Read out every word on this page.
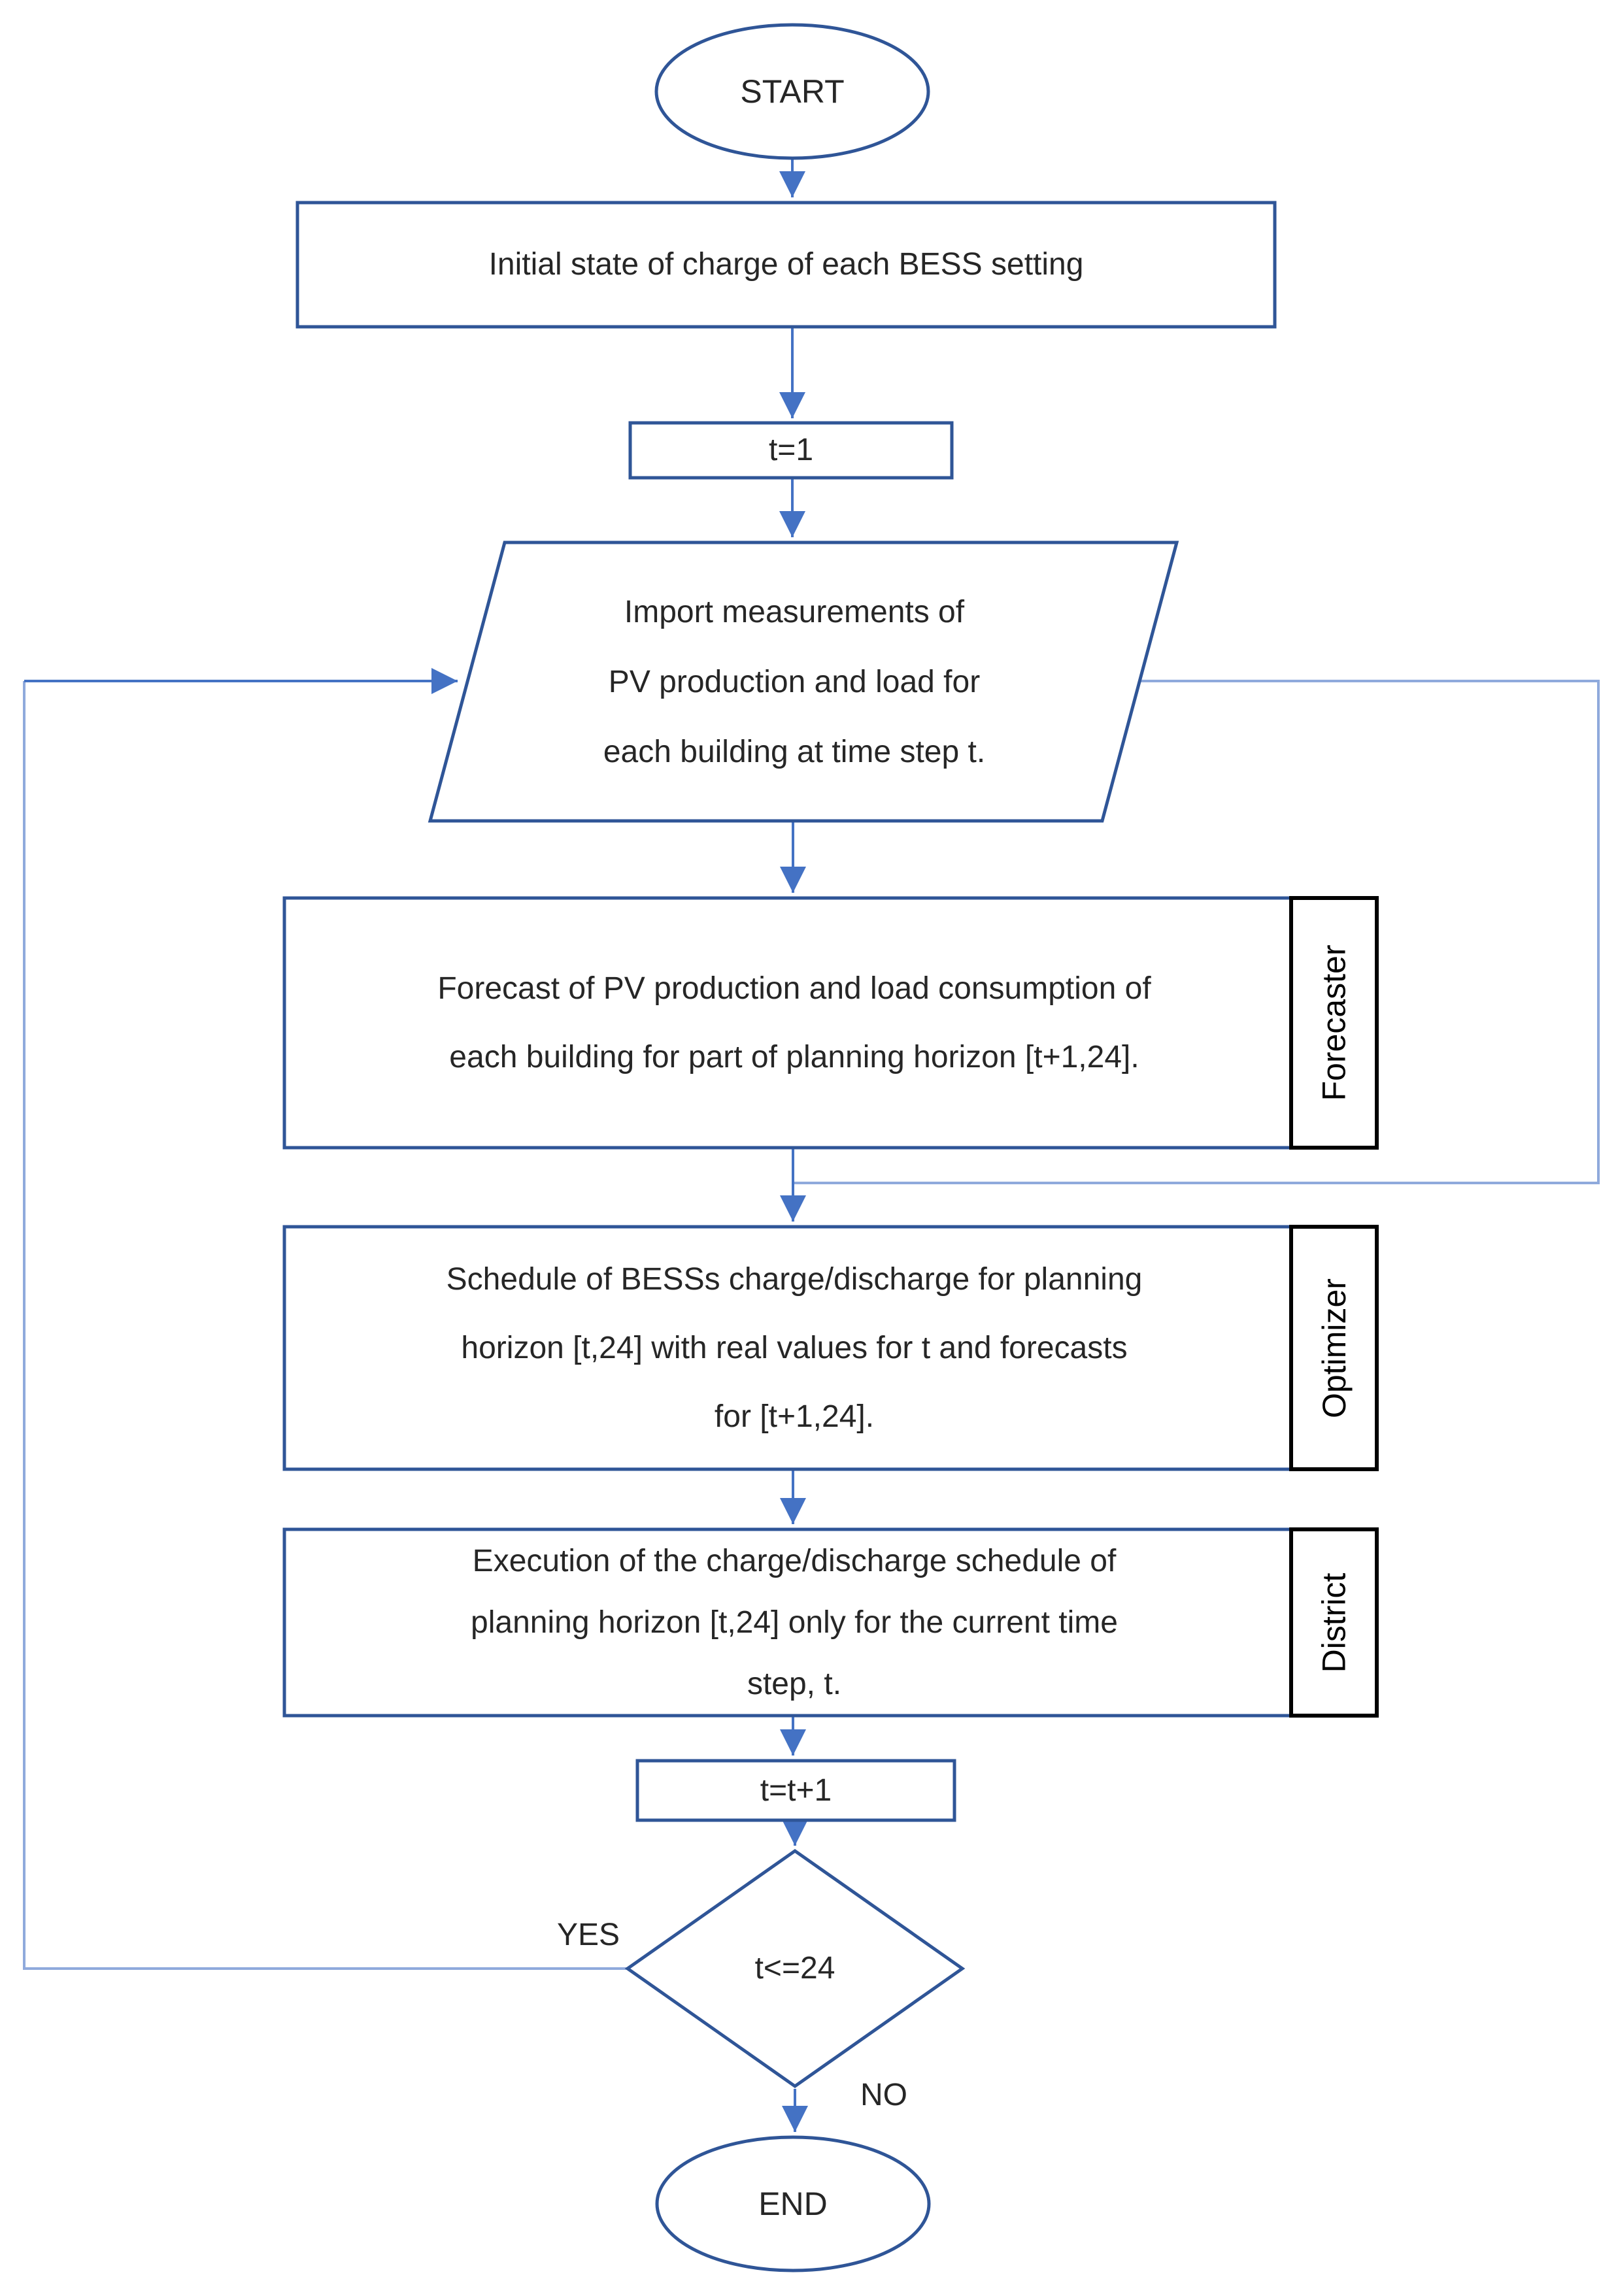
START
Initial state of charge of each BESS setting
t=1
Import measurements of
PV production and load for
each building at time step t.
Forecast of PV production and load consumption of
each building for part of planning horizon [t+1,24].	Forecaster
Schedule of BESSs charge/discharge for planning
horizon [t,24] with real values for t and forecasts
for [t+1,24].	Optimizer
Execution of the charge/discharge schedule of
planning horizon [t,24] only for the current time
step, t.
District
t=t+1
t<=24
YES
NO
END
